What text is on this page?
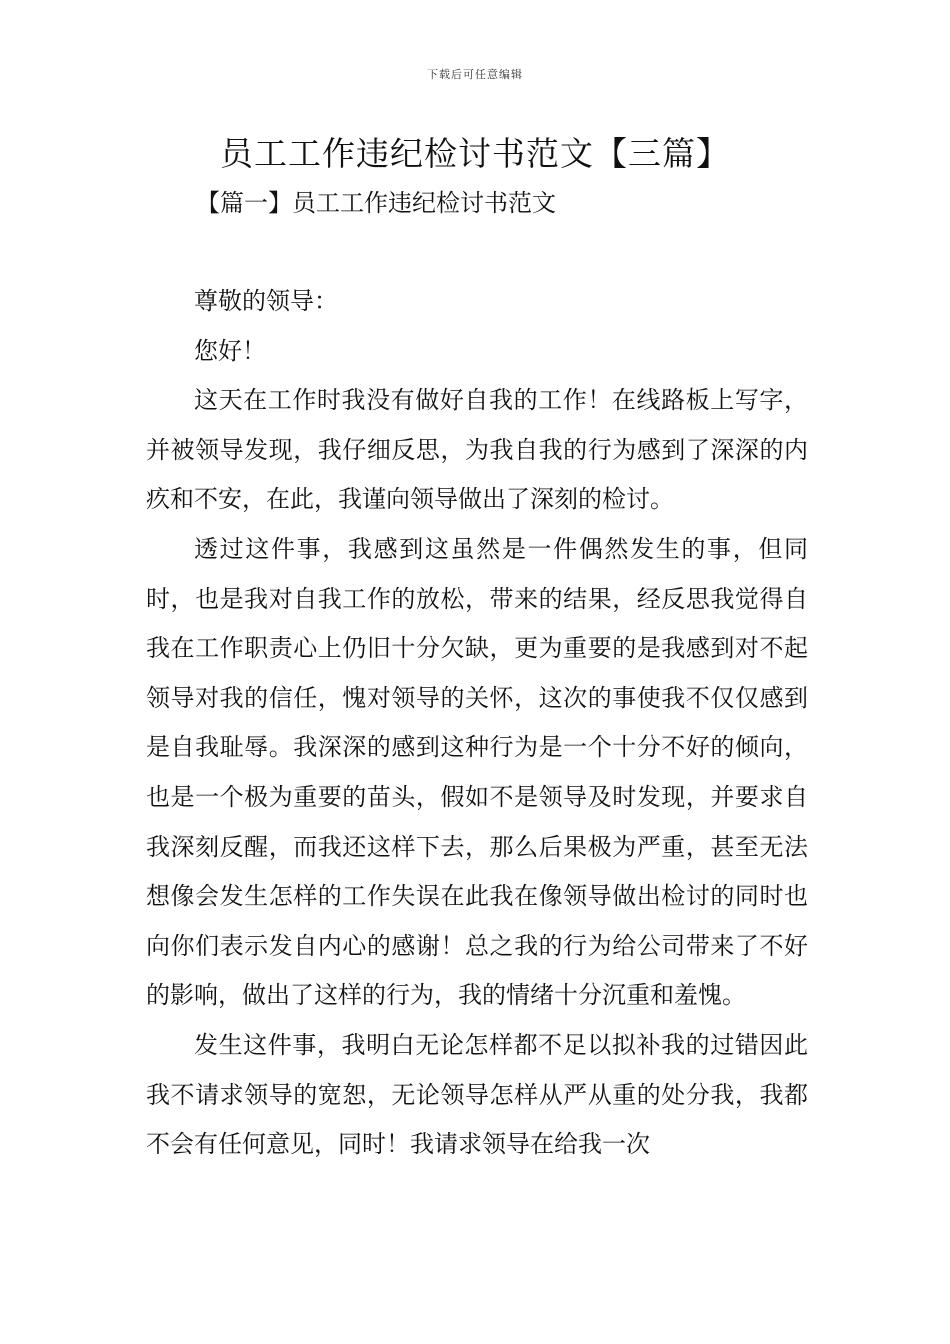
下载后可任意编辑
员工工作违纪检讨书范文【三篇】
【篇一】员工工作违纪检讨书范文

尊敬的领导：

您好！

这天在工作时我没有做好自我的工作！在线路板上写字，并被领导发现，我仔细反思，为我自我的行为感到了深深的内疚和不安，在此，我谨向领导做出了深刻的检讨。

透过这件事，我感到这虽然是一件偶然发生的事，但同时，也是我对自我工作的放松，带来的结果，经反思我觉得自我在工作职责心上仍旧十分欠缺，更为重要的是我感到对不起领导对我的信任，愧对领导的关怀，这次的事使我不仅仅感到是自我耻辱。我深深的感到这种行为是一个十分不好的倾向，也是一个极为重要的苗头，假如不是领导及时发现，并要求自我深刻反醒，而我还这样下去，那么后果极为严重，甚至无法想像会发生怎样的工作失误在此我在像领导做出检讨的同时也向你们表示发自内心的感谢！总之我的行为给公司带来了不好的影响，做出了这样的行为，我的情绪十分沉重和羞愧。

发生这件事，我明白无论怎样都不足以拟补我的过错因此我不请求领导的宽恕，无论领导怎样从严从重的处分我，我都不会有任何意见，同时！我请求领导在给我一次
